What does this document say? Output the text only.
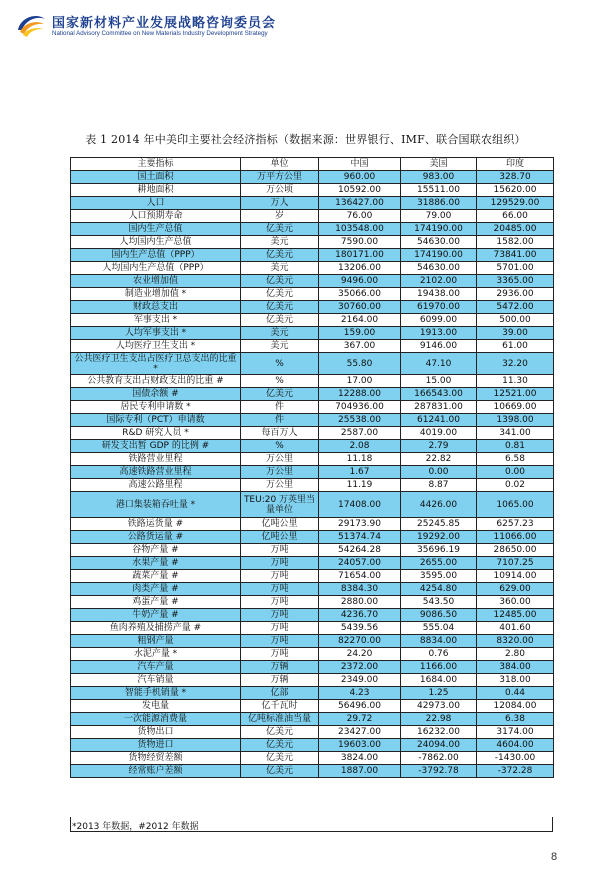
国家新材料产业发展战略咨询委员会
National Advisory Committee on New Materials Industry Development Strategy
表 1 2014 年中美印主要社会经济指标（数据来源：世界银行、IMF、联合国联农组织）
主要指标	单位	中国	美国	印度
国土面积	万平方公里	960.00	983.00	328.70
耕地面积	万公顷	10592.00	15511.00	15620.00
人口	万人	136427.00	31886.00	129529.00
人口预期寿命	岁	76.00	79.00	66.00
国内生产总值	亿美元	103548.00	174190.00	20485.00
人均国内生产总值	美元	7590.00	54630.00	1582.00
国内生产总值（PPP）	亿美元	180171.00	174190.00	73841.00
人均国内生产总值（PPP）	美元	13206.00	54630.00	5701.00
农业增加值	亿美元	9496.00	2102.00	3365.00
制造业增加值 *	亿美元	35066.00	19438.00	2936.00
财政总支出	亿美元	30760.00	61970.00	5472.00
军事支出 *	亿美元	2164.00	6099.00	500.00
人均军事支出 *	美元	159.00	1913.00	39.00
人均医疗卫生支出 *	美元	367.00	9146.00	61.00
公共医疗卫生支出占医疗卫总支出的比重 *	%	55.80	47.10	32.20
公共教育支出占财政支出的比重 #	%	17.00	15.00	11.30
国债余额 #	亿美元	12288.00	166543.00	12521.00
居民专利申请数 *	件	704936.00	287831.00	10669.00
国际专利（PCT）申请数	件	25538.00	61241.00	1398.00
R&D 研究人员 *	每百万人	2587.00	4019.00	341.00
研发支出暂 GDP 的比例 #	%	2.08	2.79	0.81
铁路营业里程	万公里	11.18	22.82	6.58
高速铁路营业里程	万公里	1.67	0.00	0.00
高速公路里程	万公里	11.19	8.87	0.02
港口集装箱吞吐量 *	TEU:20 万英里当量单位	17408.00	4426.00	1065.00
铁路运货量 #	亿吨公里	29173.90	25245.85	6257.23
公路货运量 #	亿吨公里	51374.74	19292.00	11066.00
谷物产量 #	万吨	54264.28	35696.19	28650.00
水果产量 #	万吨	24057.00	2655.00	7107.25
蔬菜产量 #	万吨	71654.00	3595.00	10914.00
肉类产量 #	万吨	8384.30	4254.80	629.00
鸡蛋产量 #	万吨	2880.00	543.50	360.00
牛奶产量 #	万吨	4236.70	9086.50	12485.00
鱼肉养殖及捕捞产量 #	万吨	5439.56	555.04	401.60
粗钢产量	万吨	82270.00	8834.00	8320.00
水泥产量 *	万吨	24.20	0.76	2.80
汽车产量	万辆	2372.00	1166.00	384.00
汽车销量	万辆	2349.00	1684.00	318.00
智能手机销量 *	亿部	4.23	1.25	0.44
发电量	亿千瓦时	56496.00	42973.00	12084.00
一次能源消费量	亿吨标准油当量	29.72	22.98	6.38
货物出口	亿美元	23427.00	16232.00	3174.00
货物进口	亿美元	19603.00	24094.00	4604.00
货物经贸差额	亿美元	3824.00	-7862.00	-1430.00
经常账户差额	亿美元	1887.00	-3792.78	-372.28
*2013 年数据，#2012 年数据
8
